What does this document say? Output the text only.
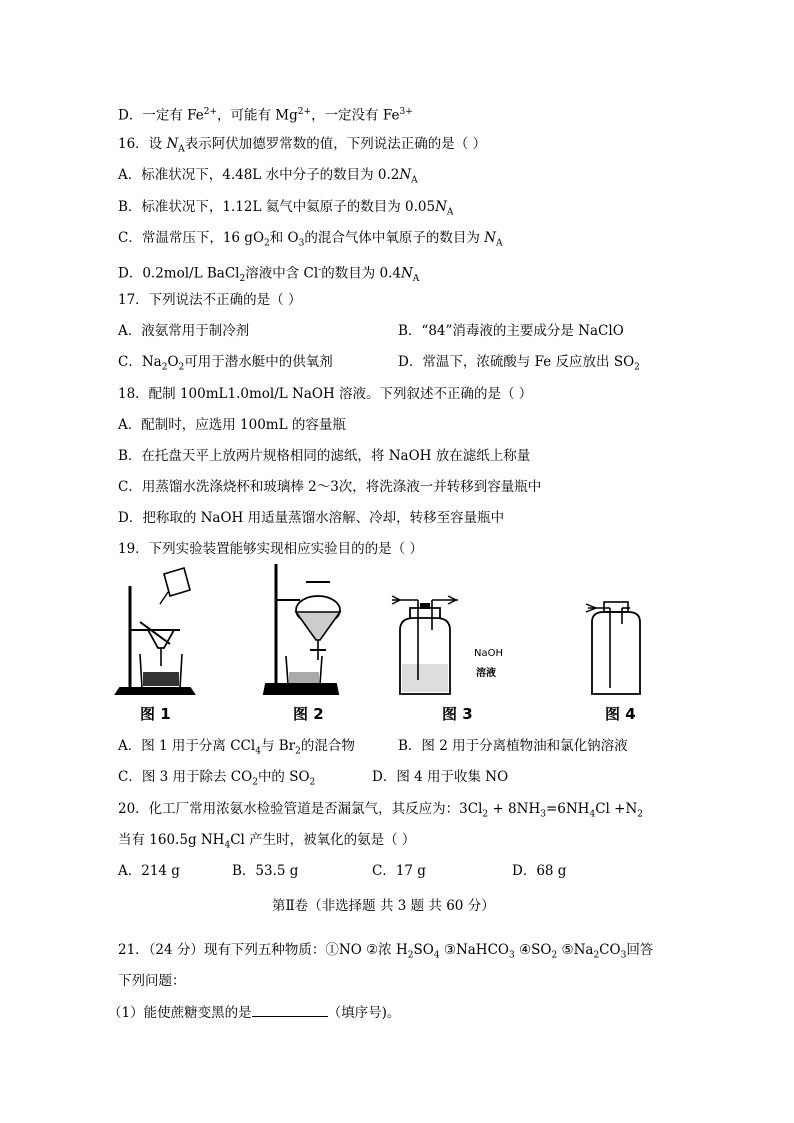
D．一定有 $Fe^{2+}$，可能有 $Mg^{2+}$，一定没有 $Fe^{3+}$
16．设 $N_A$表示阿伏加德罗常数的值，下列说法正确的是（ ）
A．标准状况下，4.48L 水中分子的数目为 $0.2N_A$
B．标准状况下，1.12L 氦气中氦原子的数目为 $0.05N_A$
C．常温常压下，16 $gO_2$和 $O_3$的混合气体中氧原子的数目为 $N_A$
D．0.2mol/L BaCl$_2$溶液中含 Cl-的数目为 $0.4N_A$
17．下列说法不正确的是（ ）
A．液氨常用于制冷剂	B．“84”消毒液的主要成分是 NaClO
C．$Na_2O_2$可用于潜水艇中的供氧剂	D．常温下，浓硫酸与 Fe 反应放出 $SO_2$
18．配制 100mL1.0mol/L NaOH 溶液。下列叙述不正确的是（ ）
A．配制时，应选用 100mL 的容量瓶
B．在托盘天平上放两片规格相同的滤纸，将 NaOH 放在滤纸上称量
C．用蒸馏水洗涤烧杯和玻璃棒 2～3次，将洗涤液一并转移到容量瓶中
D．把称取的 NaOH 用适量蒸馏水溶解、冷却，转移至容量瓶中
19．下列实验装置能够实现相应实验目的的是（ ）
图 1	图 2	图 3	图 4
NaOH
溶液
A．图 1 用于分离 CCl$_4$与 $Br_2$的混合物	B．图 2 用于分离植物油和氯化钠溶液
C．图 3 用于除去 $CO_2$中的 $SO_2$	D．图 4 用于收集 NO
20．化工厂常用浓氨水检验管道是否漏氯气，其反应为：$3Cl_2 + 8NH_3=6NH_4Cl +N_2$
当有 160.5g $NH_4Cl$ 产生时，被氧化的氨是（ ）
A．214 g	B．53.5 g	C．17 g	D．68 g
第Ⅱ卷（非选择题 共 3 题 共 60 分）
21．（24 分）现有下列五种物质：①NO ②浓 $H_2SO_4$ ③NaHCO$_3$ $④SO_2$ $⑤Na_2CO_3$回答
下列问题：
（1）能使蔗糖变黑的是	（填序号)。
